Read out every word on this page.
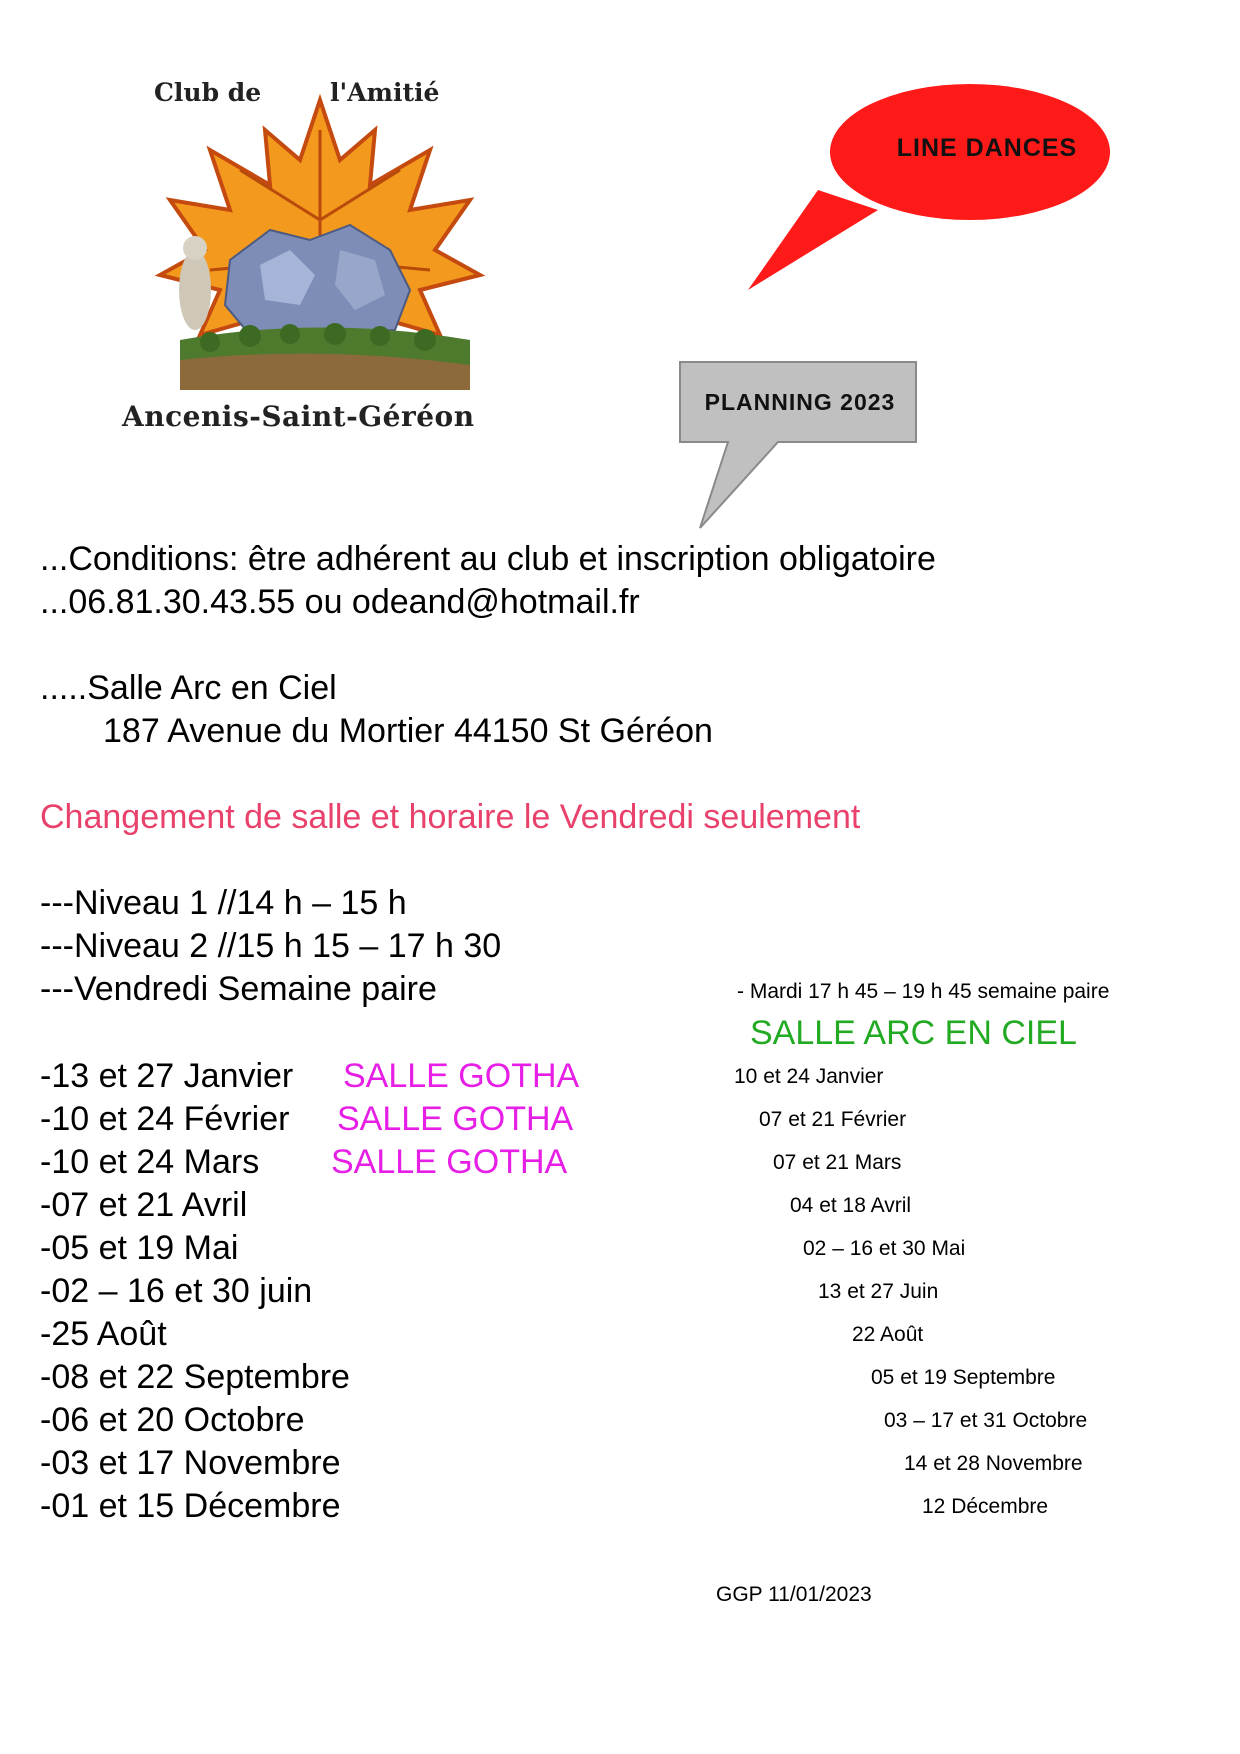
Club de	l'Amitié
Ancenis-Saint-Géréon
LINE DANCES
PLANNING 2023
...Conditions: être adhérent au club et inscription obligatoire
...06.81.30.43.55 ou odeand@hotmail.fr
.....Salle Arc en Ciel
187 Avenue du Mortier 44150 St Géréon
Changement de salle et horaire le Vendredi seulement
---Niveau 1 //14 h – 15 h
---Niveau 2 //15 h 15 – 17 h 30
---Vendredi Semaine paire	- Mardi 17 h 45 – 19 h 45 semaine paire
SALLE ARC EN CIEL
-13 et 27 Janvier SALLE GOTHA
-10 et 24 Février SALLE GOTHA
-10 et 24 Mars SALLE GOTHA
-07 et 21 Avril
-05 et 19 Mai
-02 – 16 et 30 juin
-25 Août
-08 et 22 Septembre
-06 et 20 Octobre
-03 et 17 Novembre
-01 et 15 Décembre
10 et 24 Janvier
07 et 21 Février
07 et 21 Mars
04 et 18 Avril
02 – 16 et 30 Mai
13 et 27 Juin
22 Août
05 et 19 Septembre
03 – 17 et 31 Octobre
14 et 28 Novembre
12 Décembre
GGP 11/01/2023
